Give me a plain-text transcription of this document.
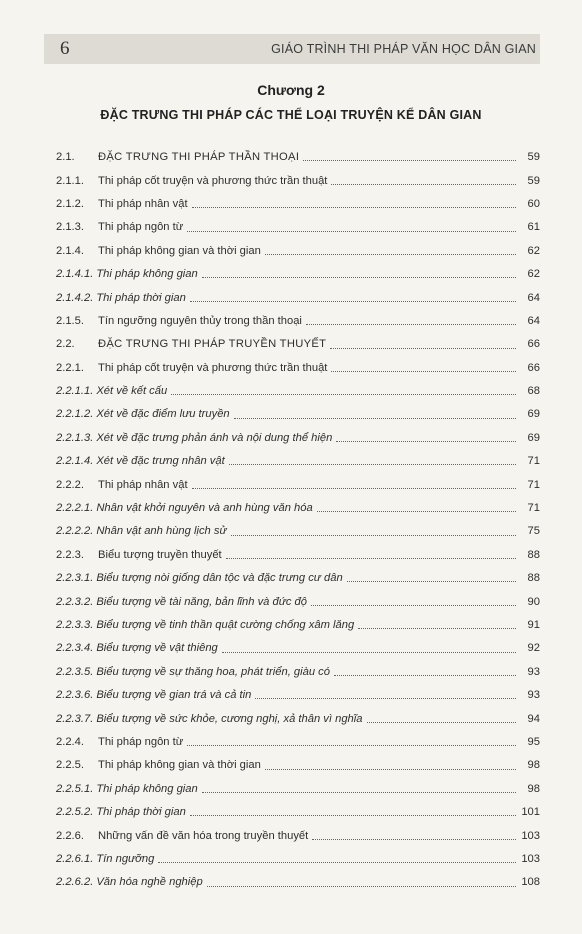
6	GIÁO TRÌNH THI PHÁP VĂN HỌC DÂN GIAN
Chương 2
ĐẶC TRƯNG THI PHÁP CÁC THỂ LOẠI TRUYỆN KỂ DÂN GIAN
2.1.	ĐẶC TRƯNG THI PHÁP THẦN THOẠI	59
2.1.1.	Thi pháp cốt truyện và phương thức trần thuật	59
2.1.2.	Thi pháp nhân vật	60
2.1.3.	Thi pháp ngôn từ	61
2.1.4.	Thi pháp không gian và thời gian	62
2.1.4.1. Thi pháp không gian	62
2.1.4.2. Thi pháp thời gian	64
2.1.5.	Tín ngưỡng nguyên thủy trong thần thoại	64
2.2.	ĐẶC TRƯNG THI PHÁP TRUYỀN THUYẾT	66
2.2.1.	Thi pháp cốt truyện và phương thức trần thuật	66
2.2.1.1. Xét về kết cấu	68
2.2.1.2. Xét về đặc điểm lưu truyền	69
2.2.1.3. Xét về đặc trưng phản ánh và nội dung thể hiện	69
2.2.1.4. Xét về đặc trưng nhân vật	71
2.2.2.	Thi pháp nhân vật	71
2.2.2.1. Nhân vật khởi nguyên và anh hùng văn hóa	71
2.2.2.2. Nhân vật anh hùng lịch sử	75
2.2.3.	Biểu tượng truyền thuyết	88
2.2.3.1. Biểu tượng nòi giống dân tộc và đặc trưng cư dân	88
2.2.3.2. Biểu tượng về tài năng, bản lĩnh và đức độ	90
2.2.3.3. Biểu tượng về tinh thần quật cường chống xâm lăng	91
2.2.3.4. Biểu tượng về vật thiêng	92
2.2.3.5. Biểu tượng về sự thăng hoa, phát triển, giàu có	93
2.2.3.6. Biểu tượng về gian trá và cả tin	93
2.2.3.7. Biểu tượng về sức khỏe, cương nghị, xả thân vì nghĩa	94
2.2.4.	Thi pháp ngôn từ	95
2.2.5.	Thi pháp không gian và thời gian	98
2.2.5.1. Thi pháp không gian	98
2.2.5.2. Thi pháp thời gian	101
2.2.6.	Những vấn đề văn hóa trong truyền thuyết	103
2.2.6.1. Tín ngưỡng	103
2.2.6.2. Văn hóa nghề nghiệp	108
